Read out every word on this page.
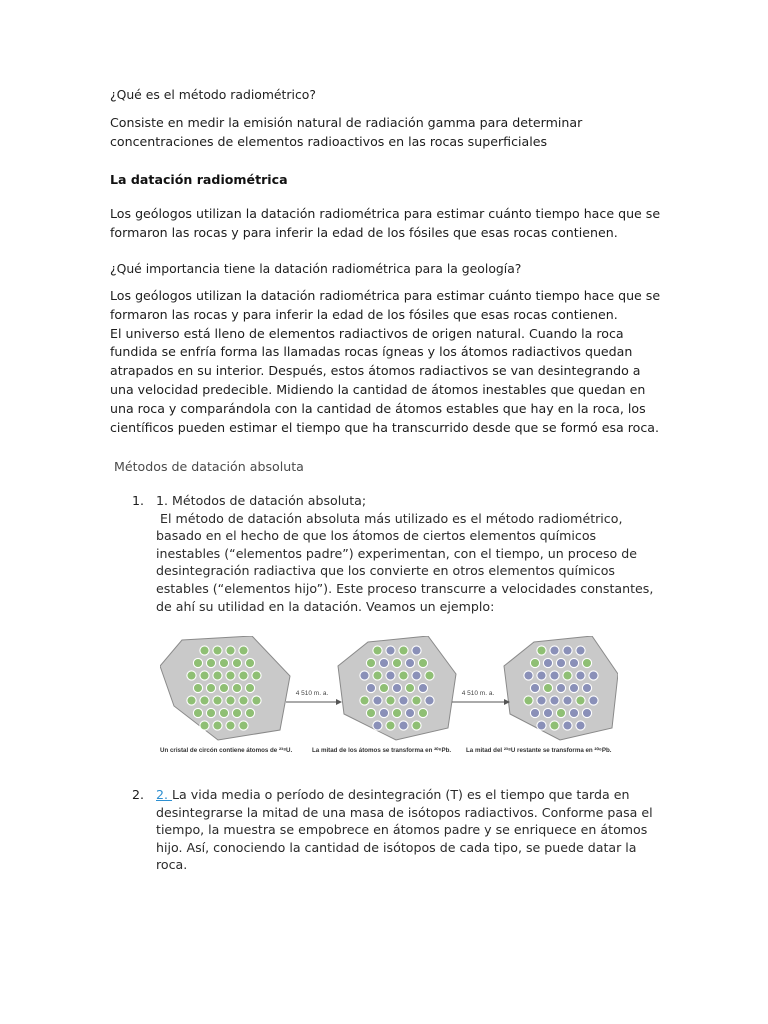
¿Qué es el método radiométrico?

Consiste en medir la emisión natural de radiación gamma para determinar
concentraciones de elementos radioactivos en las rocas superficiales

La datación radiométrica

Los geólogos utilizan la datación radiométrica para estimar cuánto tiempo hace que se
formaron las rocas y para inferir la edad de los fósiles que esas rocas contienen.

¿Qué importancia tiene la datación radiométrica para la geología?

Los geólogos utilizan la datación radiométrica para estimar cuánto tiempo hace que se
formaron las rocas y para inferir la edad de los fósiles que esas rocas contienen.
El universo está lleno de elementos radiactivos de origen natural. Cuando la roca
fundida se enfría forma las llamadas rocas ígneas y los átomos radiactivos quedan
atrapados en su interior. Después, estos átomos radiactivos se van desintegrando a
una velocidad predecible. Midiendo la cantidad de átomos inestables que quedan en
una roca y comparándola con la cantidad de átomos estables que hay en la roca, los
científicos pueden estimar el tiempo que ha transcurrido desde que se formó esa roca.

Métodos de datación absoluta

1. 1. Métodos de datación absoluta;
El método de datación absoluta más utilizado es el método radiométrico,
basado en el hecho de que los átomos de ciertos elementos químicos
inestables (“elementos padre”) experimentan, con el tiempo, un proceso de
desintegración radiactiva que los convierte en otros elementos químicos
estables (“elementos hijo”). Este proceso transcurre a velocidades constantes,
de ahí su utilidad en la datación. Veamos un ejemplo:
4 510 m. a.	4 510 m. a.
Un cristal de circón contiene átomos de ²³⁸U.	La mitad de los átomos se transforma en ²⁰⁶Pb. La mitad del ²³⁸U restante se transforma en ²⁰⁶Pb.
2. 2. La vida media o período de desintegración (T) es el tiempo que tarda en
desintegrarse la mitad de una masa de isótopos radiactivos. Conforme pasa el
tiempo, la muestra se empobrece en átomos padre y se enriquece en átomos
hijo. Así, conociendo la cantidad de isótopos de cada tipo, se puede datar la
roca.
